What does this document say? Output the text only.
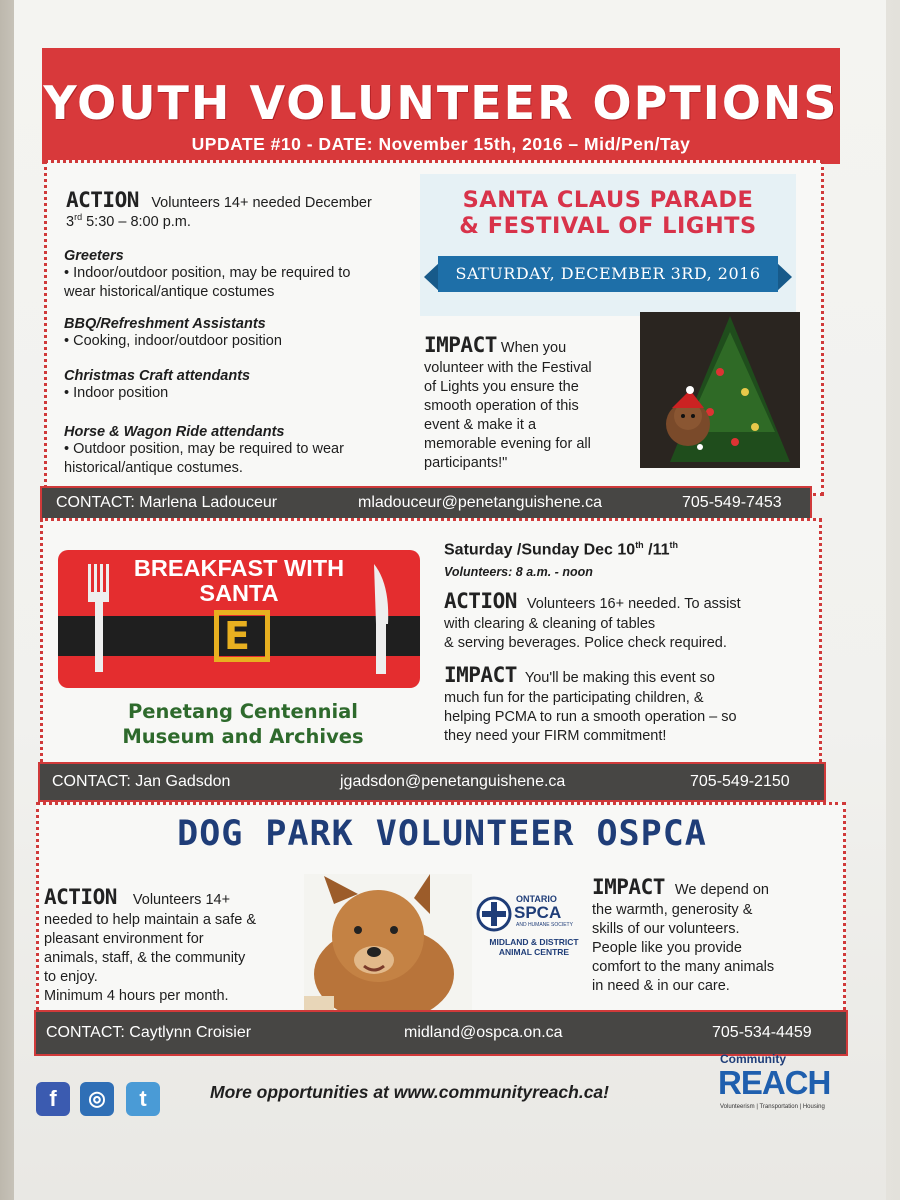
YOUTH VOLUNTEER OPTIONS
UPDATE #10 - DATE: November 15th, 2016 – Mid/Pen/Tay
ACTION Volunteers 14+ needed December
3rd 5:30 – 8:00 p.m.
Greeters
• Indoor/outdoor position, may be required to
wear historical/antique costumes
BBQ/Refreshment Assistants
• Cooking, indoor/outdoor position
Christmas Craft attendants
• Indoor position
Horse & Wagon Ride attendants
• Outdoor position, may be required to wear
historical/antique costumes.
SANTA CLAUS PARADE
& FESTIVAL OF LIGHTS
SATURDAY, DECEMBER 3RD, 2016
IMPACT When you
volunteer with the Festival
of Lights you ensure the
smooth operation of this
event & make it a
memorable evening for all
participants!"
CONTACT: Marlena Ladouceur	mladouceur@penetanguishene.ca	705-549-7453
BREAKFAST WITH
SANTA
E
Penetang Centennial
Museum and Archives
Saturday /Sunday Dec 10th /11th
Volunteers: 8 a.m. - noon
ACTION Volunteers 16+ needed. To assist
with clearing & cleaning of tables
& serving beverages. Police check required.
IMPACT You'll be making this event so
much fun for the participating children, &
helping PCMA to run a smooth operation – so
they need your FIRM commitment!
CONTACT: Jan Gadsdon	jgadsdon@penetanguishene.ca	705-549-2150
DOG PARK VOLUNTEER OSPCA
ACTION Volunteers 14+
needed to help maintain a safe &
pleasant environment for
animals, staff, & the community
to enjoy.
Minimum 4 hours per month.
ONTARIO
SPCA
AND HUMANE SOCIETY
MIDLAND & DISTRICT
ANIMAL CENTRE
IMPACT We depend on
the warmth, generosity &
skills of our volunteers.
People like you provide
comfort to the many animals
in need & in our care.
CONTACT: Caytlynn Croisier	midland@ospca.on.ca	705-534-4459
f	◎	t	More opportunities at www.communityreach.ca!
Community
REACH
Volunteerism | Transportation | Housing
